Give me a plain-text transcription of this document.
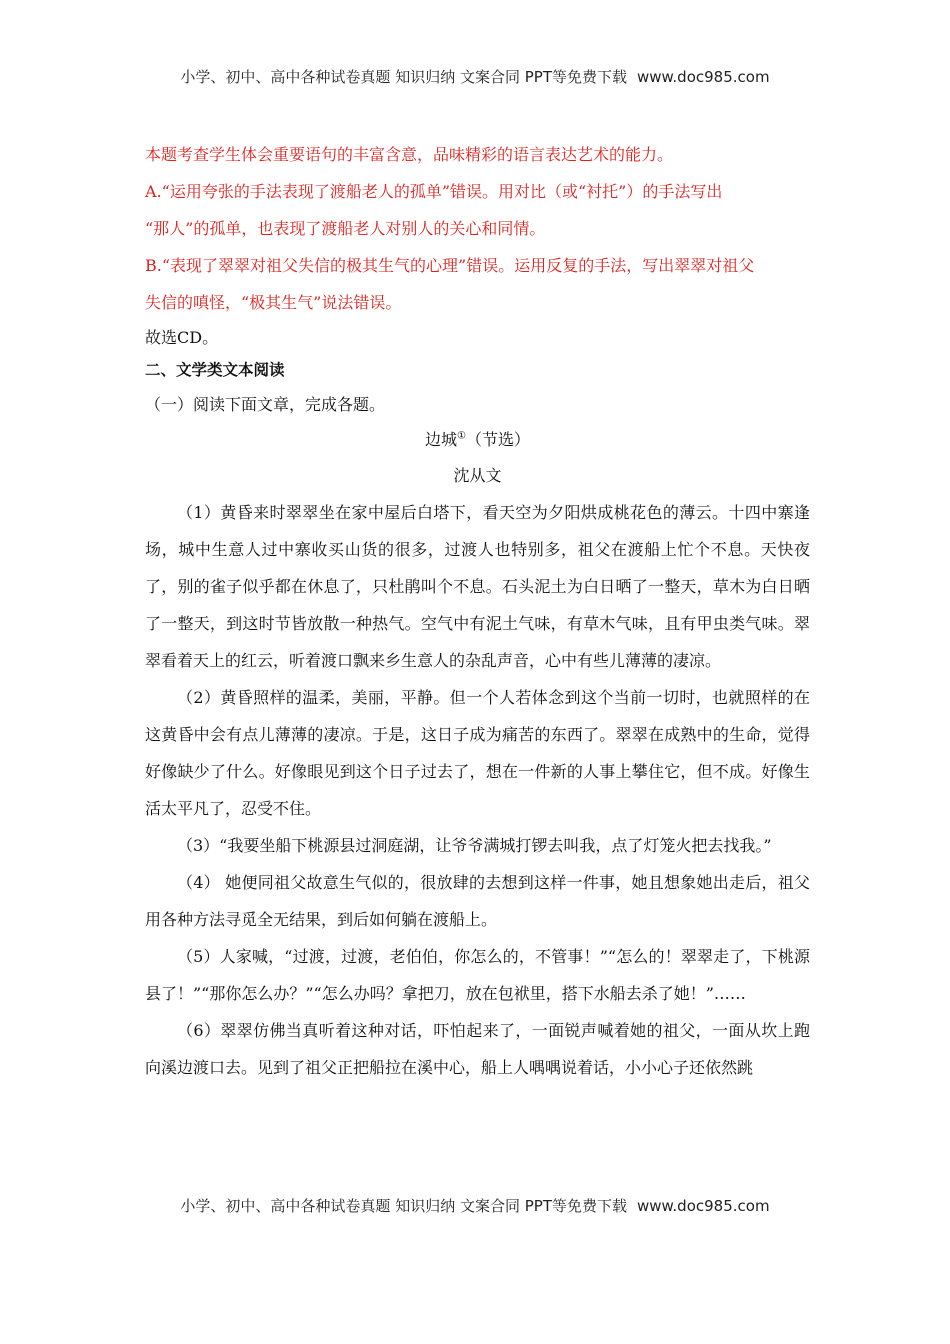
小学、初中、高中各种试卷真题 知识归纳 文案合同 PPT等免费下载 www.doc985.com

本题考查学生体会重要语句的丰富含意，品味精彩的语言表达艺术的能力。

A.“运用夸张的手法表现了渡船老人的孤单”错误。用对比（或“衬托”）的手法写出

“那人”的孤单，也表现了渡船老人对别人的关心和同情。

B.“表现了翠翠对祖父失信的极其生气的心理”错误。运用反复的手法，写出翠翠对祖父

失信的嗔怪，“极其生气”说法错误。

故选CD。

二、文学类文本阅读

（一）阅读下面文章，完成各题。

边城①（节选）

沈从文

（1）黄昏来时翠翠坐在家中屋后白塔下，看天空为夕阳烘成桃花色的薄云。十四中寨逢场，城中生意人过中寨收买山货的很多，过渡人也特别多，祖父在渡船上忙个不息。天快夜了，别的雀子似乎都在休息了，只杜鹃叫个不息。石头泥土为白日晒了一整天，草木为白日晒了一整天，到这时节皆放散一种热气。空气中有泥土气味，有草木气味，且有甲虫类气味。翠翠看着天上的红云，听着渡口飘来乡生意人的杂乱声音，心中有些儿薄薄的凄凉。

（2）黄昏照样的温柔，美丽，平静。但一个人若体念到这个当前一切时，也就照样的在这黄昏中会有点儿薄薄的凄凉。于是，这日子成为痛苦的东西了。翠翠在成熟中的生命，觉得好像缺少了什么。好像眼见到这个日子过去了，想在一件新的人事上攀住它，但不成。好像生活太平凡了，忍受不住。

（3）“我要坐船下桃源县过洞庭湖，让爷爷满城打锣去叫我，点了灯笼火把去找我。”

（4） 她便同祖父故意生气似的，很放肆的去想到这样一件事，她且想象她出走后，祖父用各种方法寻觅全无结果，到后如何躺在渡船上。

（5）人家喊，“过渡，过渡，老伯伯，你怎么的，不管事！”“怎么的！翠翠走了，下桃源县了！”“那你怎么办？”“怎么办吗？拿把刀，放在包袱里，搭下水船去杀了她！”……

（6）翠翠仿佛当真听着这种对话，吓怕起来了，一面锐声喊着她的祖父，一面从坎上跑向溪边渡口去。见到了祖父正把船拉在溪中心，船上人喁喁说着话，小小心子还依然跳

小学、初中、高中各种试卷真题 知识归纳 文案合同 PPT等免费下载 www.doc985.com
